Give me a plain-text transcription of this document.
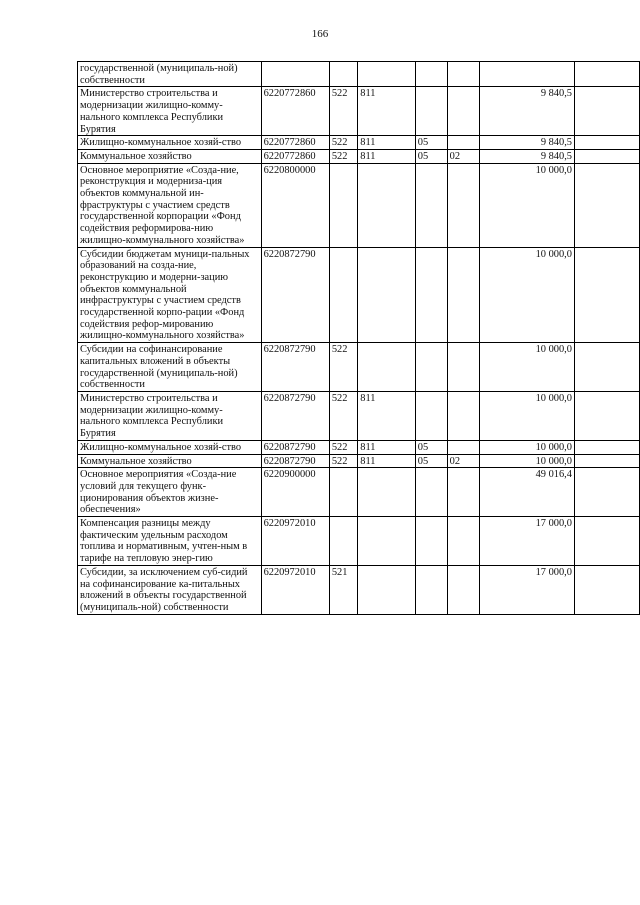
166
государственной (муниципаль-ной) собственности							
Министерство строительства и модернизации жилищно-комму-нального комплекса Республики Бурятия	6220772860	522	811			9 840,5	
Жилищно-коммунальное хозяй-ство	6220772860	522	811	05		9 840,5	
Коммунальное хозяйство	6220772860	522	811	05	02	9 840,5	
Основное мероприятие «Созда-ние, реконструкция и модерниза-ция объектов коммунальной ин-фраструктуры с участием средств государственной корпорации «Фонд содействия реформирова-нию жилищно-коммунального хозяйства»	6220800000					10 000,0	
Субсидии бюджетам муници-пальных образований на созда-ние, реконструкцию и модерни-зацию объектов коммунальной инфраструктуры с участием средств государственной корпо-рации «Фонд содействия рефор-мированию жилищно-коммунального хозяйства»	6220872790					10 000,0	
Субсидии на софинансирование капитальных вложений в объекты государственной (муниципаль-ной) собственности	6220872790	522				10 000,0	
Министерство строительства и модернизации жилищно-комму-нального комплекса Республики Бурятия	6220872790	522	811			10 000,0	
Жилищно-коммунальное хозяй-ство	6220872790	522	811	05		10 000,0	
Коммунальное хозяйство	6220872790	522	811	05	02	10 000,0	
Основное мероприятия «Созда-ние условий для текущего функ-ционирования объектов жизне-обеспечения»	6220900000					49 016,4	
Компенсация разницы между фактическим удельным расходом топлива и нормативным, учтен-ным в тарифе на тепловую энер-гию	6220972010					17 000,0	
Субсидии, за исключением суб-сидий на софинансирование ка-питальных вложений в объекты государственной (муниципаль-ной) собственности	6220972010	521				17 000,0	
